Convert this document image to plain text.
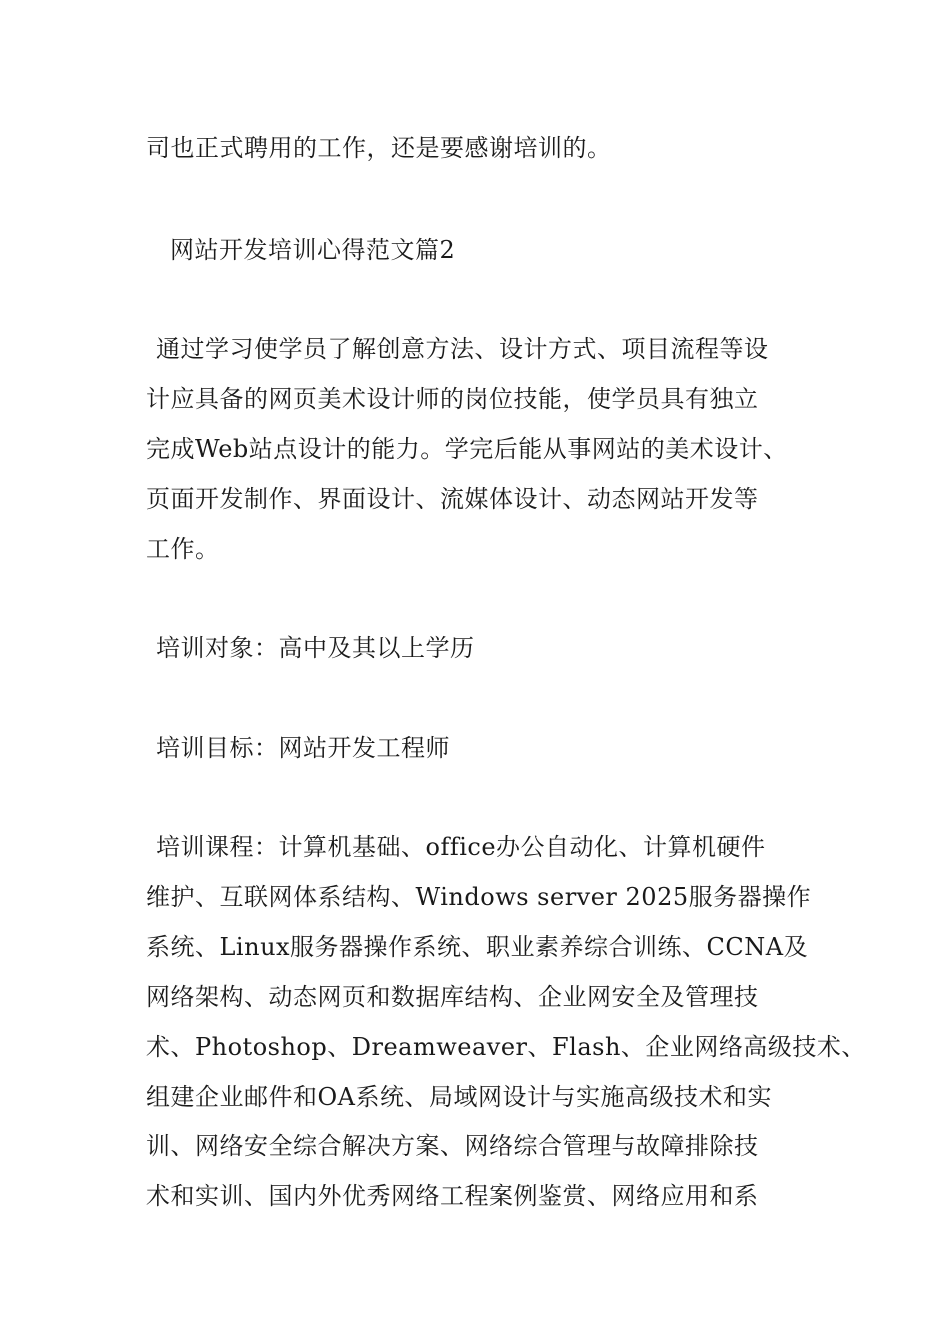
司也正式聘用的工作，还是要感谢培训的。
网站开发培训心得范文篇2
通过学习使学员了解创意方法、设计方式、项目流程等设
计应具备的网页美术设计师的岗位技能，使学员具有独立
完成Web站点设计的能力。学完后能从事网站的美术设计、
页面开发制作、界面设计、流媒体设计、动态网站开发等
工作。
培训对象：高中及其以上学历
培训目标：网站开发工程师
培训课程：计算机基础、office办公自动化、计算机硬件
维护、互联网体系结构、Windows server 2025服务器操作
系统、Linux服务器操作系统、职业素养综合训练、CCNA及
网络架构、动态网页和数据库结构、企业网安全及管理技
术、Photoshop、Dreamweaver、Flash、企业网络高级技术、
组建企业邮件和OA系统、局域网设计与实施高级技术和实
训、网络安全综合解决方案、网络综合管理与故障排除技
术和实训、国内外优秀网络工程案例鉴赏、网络应用和系
